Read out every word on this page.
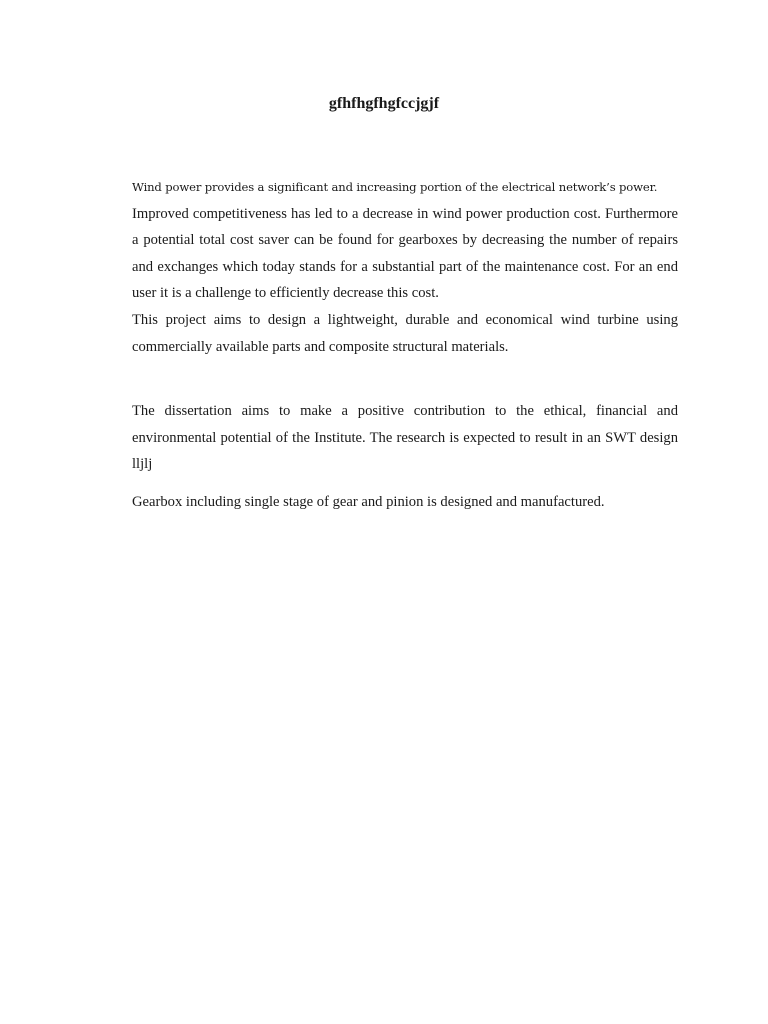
gfhfhgfhgfccjgjf

Wind power provides a significant and increasing portion of the electrical network’s power.
Improved competitiveness has led to a decrease in wind power production cost. Furthermore a potential total cost saver can be found for gearboxes by decreasing the number of repairs and exchanges which today stands for a substantial part of the maintenance cost. For an end user it is a challenge to efficiently decrease this cost.

This project aims to design a lightweight, durable and economical wind turbine using commercially available parts and composite structural materials.

The dissertation aims to make a positive contribution to the ethical, financial and environmental potential of the Institute. The research is expected to result in an SWT design lljlj

Gearbox including single stage of gear and pinion is designed and manufactured.
